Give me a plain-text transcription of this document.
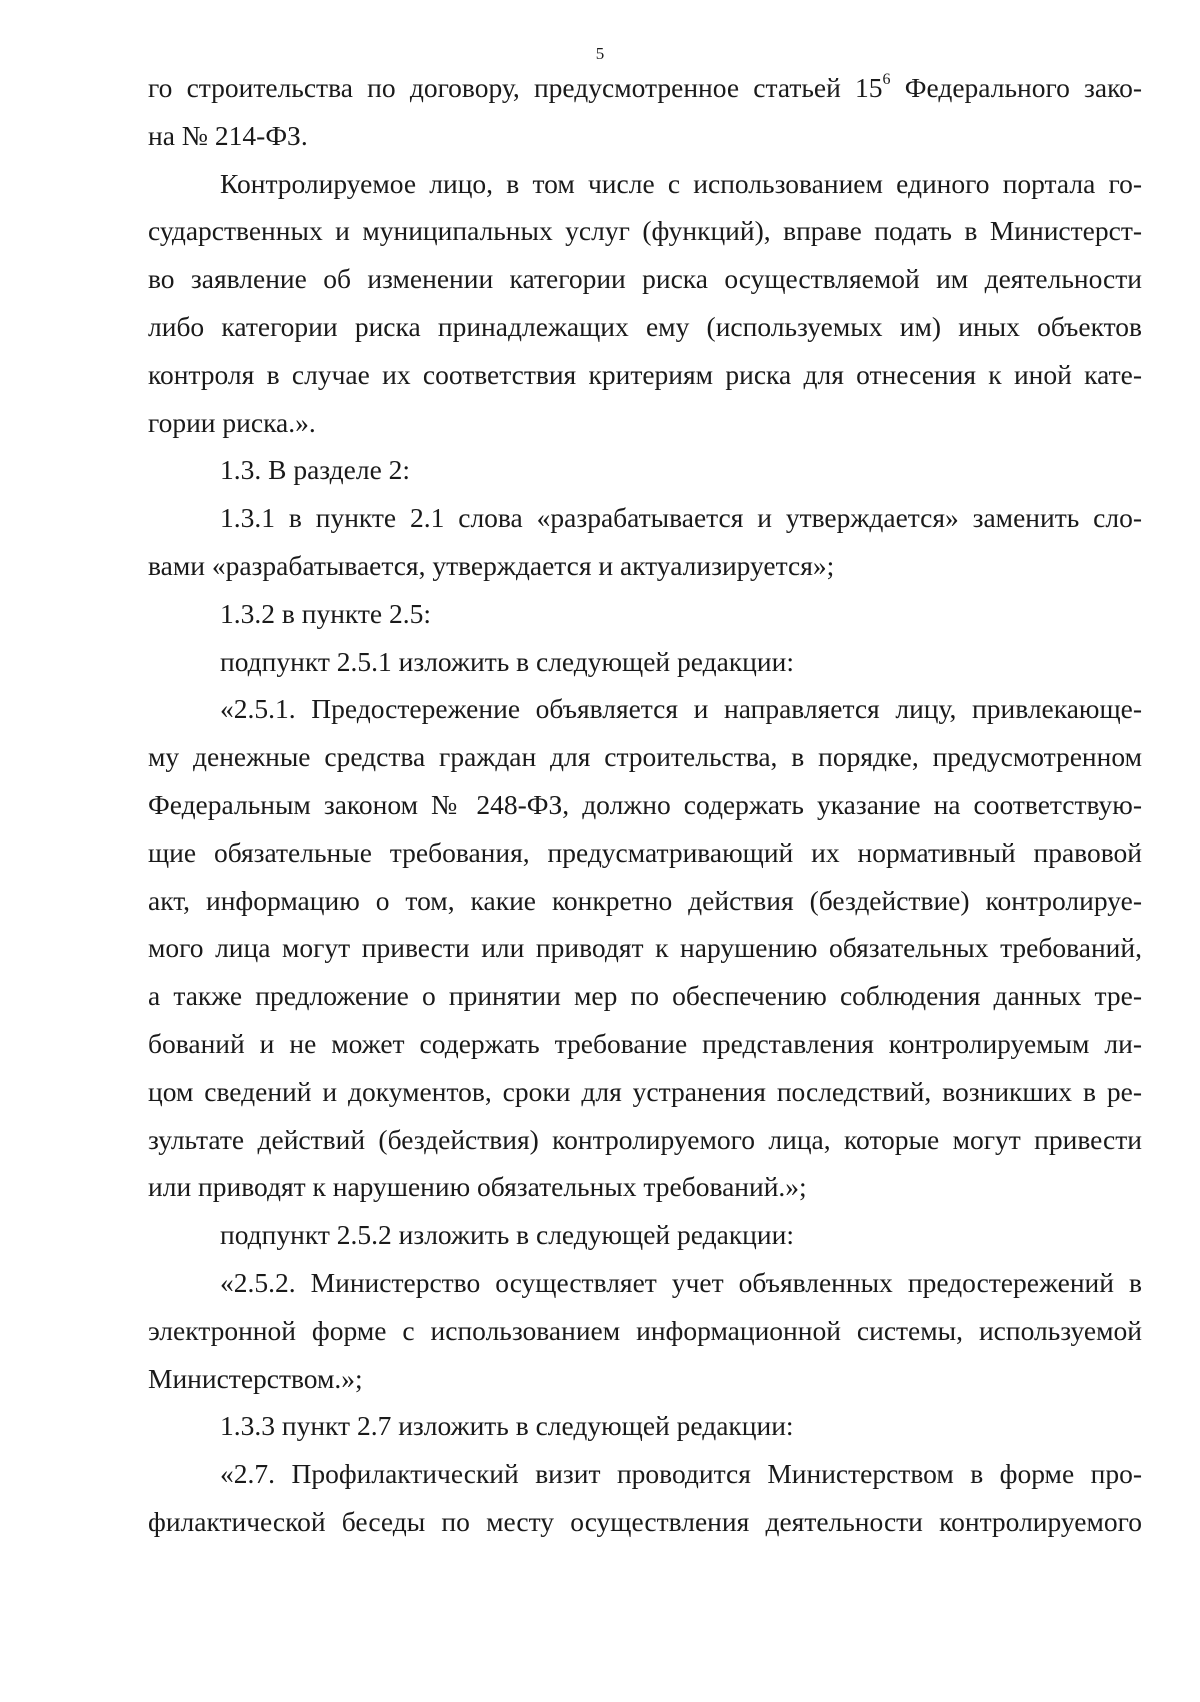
5
го строительства по договору, предусмотренное статьей $15^6$ Федерального зако-
на № 214-ФЗ.
Контролируемое лицо, в том числе с использованием единого портала го-
сударственных и муниципальных услуг (функций), вправе подать в Министерст-
во заявление об изменении категории риска осуществляемой им деятельности
либо категории риска принадлежащих ему (используемых им) иных объектов
контроля в случае их соответствия критериям риска для отнесения к иной кате-
гории риска.».
1.3. В разделе 2:
1.3.1 в пункте 2.1 слова «разрабатывается и утверждается» заменить сло-
вами «разрабатывается, утверждается и актуализируется»;
1.3.2 в пункте 2.5:
подпункт 2.5.1 изложить в следующей редакции:
«2.5.1. Предостережение объявляется и направляется лицу, привлекающе-
му денежные средства граждан для строительства, в порядке, предусмотренном
Федеральным законом № 248-ФЗ, должно содержать указание на соответствую-
щие обязательные требования, предусматривающий их нормативный правовой
акт, информацию о том, какие конкретно действия (бездействие) контролируе-
мого лица могут привести или приводят к нарушению обязательных требований,
а также предложение о принятии мер по обеспечению соблюдения данных тре-
бований и не может содержать требование представления контролируемым ли-
цом сведений и документов, сроки для устранения последствий, возникших в ре-
зультате действий (бездействия) контролируемого лица, которые могут привести
или приводят к нарушению обязательных требований.»;
подпункт 2.5.2 изложить в следующей редакции:
«2.5.2. Министерство осуществляет учет объявленных предостережений в
электронной форме с использованием информационной системы, используемой
Министерством.»;
1.3.3 пункт 2.7 изложить в следующей редакции:
«2.7. Профилактический визит проводится Министерством в форме про-
филактической беседы по месту осуществления деятельности контролируемого
